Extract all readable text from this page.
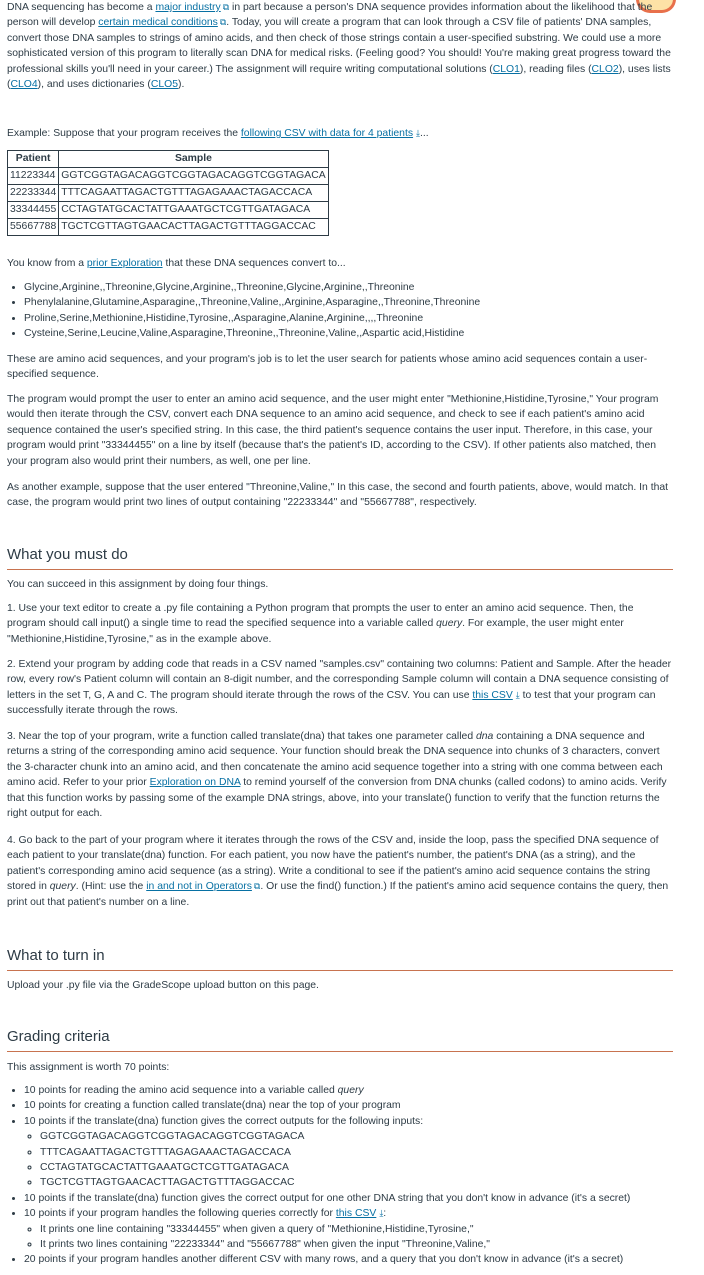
DNA sequencing has become a major industry ⧉ in part because a person's DNA sequence provides information about the likelihood that the person will develop certain medical conditions ⧉. Today, you will create a program that can look through a CSV file of patients' DNA samples, convert those DNA samples to strings of amino acids, and then check of those strings contain a user-specified substring. We could use a more sophisticated version of this program to literally scan DNA for medical risks. (Feeling good? You should! You're making great progress toward the professional skills you'll need in your career.) The assignment will require writing computational solutions (CLO1), reading files (CLO2), uses lists (CLO4), and uses dictionaries (CLO5).

Example: Suppose that your program receives the following CSV with data for 4 patients ⤓...

Patient	Sample
11223344	GGTCGGTAGACAGGTCGGTAGACAGGTCGGTAGACA
22233344	TTTCAGAATTAGACTGTTTAGAGAAACTAGACCACA
33344455	CCTAGTATGCACTATTGAAATGCTCGTTGATAGACA
55667788	TGCTCGTTAGTGAACACTTAGACTGTTTAGGACCAC

You know from a prior Exploration that these DNA sequences convert to...

• Glycine,Arginine,,Threonine,Glycine,Arginine,,Threonine,Glycine,Arginine,,Threonine
• Phenylalanine,Glutamine,Asparagine,,Threonine,Valine,,Arginine,Asparagine,,Threonine,Threonine
• Proline,Serine,Methionine,Histidine,Tyrosine,,Asparagine,Alanine,Arginine,,,,Threonine
• Cysteine,Serine,Leucine,Valine,Asparagine,Threonine,,Threonine,Valine,,Aspartic acid,Histidine

These are amino acid sequences, and your program's job is to let the user search for patients whose amino acid sequences contain a user-specified sequence.

The program would prompt the user to enter an amino acid sequence, and the user might enter "Methionine,Histidine,Tyrosine," Your program would then iterate through the CSV, convert each DNA sequence to an amino acid sequence, and check to see if each patient's amino acid sequence contained the user's specified string. In this case, the third patient's sequence contains the user input. Therefore, in this case, your program would print "33344455" on a line by itself (because that's the patient's ID, according to the CSV). If other patients also matched, then your program also would print their numbers, as well, one per line.

As another example, suppose that the user entered "Threonine,Valine," In this case, the second and fourth patients, above, would match. In that case, the program would print two lines of output containing "22233344" and "55667788", respectively.

What you must do

You can succeed in this assignment by doing four things.

1. Use your text editor to create a .py file containing a Python program that prompts the user to enter an amino acid sequence. Then, the program should call input() a single time to read the specified sequence into a variable called query. For example, the user might enter "Methionine,Histidine,Tyrosine," as in the example above.

2. Extend your program by adding code that reads in a CSV named "samples.csv" containing two columns: Patient and Sample. After the header row, every row's Patient column will contain an 8-digit number, and the corresponding Sample column will contain a DNA sequence consisting of letters in the set T, G, A and C. The program should iterate through the rows of the CSV. You can use this CSV ⤓ to test that your program can successfully iterate through the rows.

3. Near the top of your program, write a function called translate(dna) that takes one parameter called dna containing a DNA sequence and returns a string of the corresponding amino acid sequence. Your function should break the DNA sequence into chunks of 3 characters, convert the 3-character chunk into an amino acid, and then concatenate the amino acid sequence together into a string with one comma between each amino acid. Refer to your prior Exploration on DNA to remind yourself of the conversion from DNA chunks (called codons) to amino acids. Verify that this function works by passing some of the example DNA strings, above, into your translate() function to verify that the function returns the right output for each.

4. Go back to the part of your program where it iterates through the rows of the CSV and, inside the loop, pass the specified DNA sequence of each patient to your translate(dna) function. For each patient, you now have the patient's number, the patient's DNA (as a string), and the patient's corresponding amino acid sequence (as a string). Write a conditional to see if the patient's amino acid sequence contains the string stored in query. (Hint: use the in and not in Operators ⧉. Or use the find() function.) If the patient's amino acid sequence contains the query, then print out that patient's number on a line.

What to turn in

Upload your .py file via the GradeScope upload button on this page.

Grading criteria

This assignment is worth 70 points:

• 10 points for reading the amino acid sequence into a variable called query
• 10 points for creating a function called translate(dna) near the top of your program
• 10 points if the translate(dna) function gives the correct outputs for the following inputs:
◦ GGTCGGTAGACAGGTCGGTAGACAGGTCGGTAGACA
◦ TTTCAGAATTAGACTGTTTAGAGAAACTAGACCACA
◦ CCTAGTATGCACTATTGAAATGCTCGTTGATAGACA
◦ TGCTCGTTAGTGAACACTTAGACTGTTTAGGACCAC
• 10 points if the translate(dna) function gives the correct output for one other DNA string that you don't know in advance (it's a secret)
• 10 points if your program handles the following queries correctly for this CSV ⤓:
◦ It prints one line containing "33344455" when given a query of "Methionine,Histidine,Tyrosine,"
◦ It prints two lines containing "22233344" and "55667788" when given the input "Threonine,Valine,"
• 20 points if your program handles another different CSV with many rows, and a query that you don't know in advance (it's a secret)
